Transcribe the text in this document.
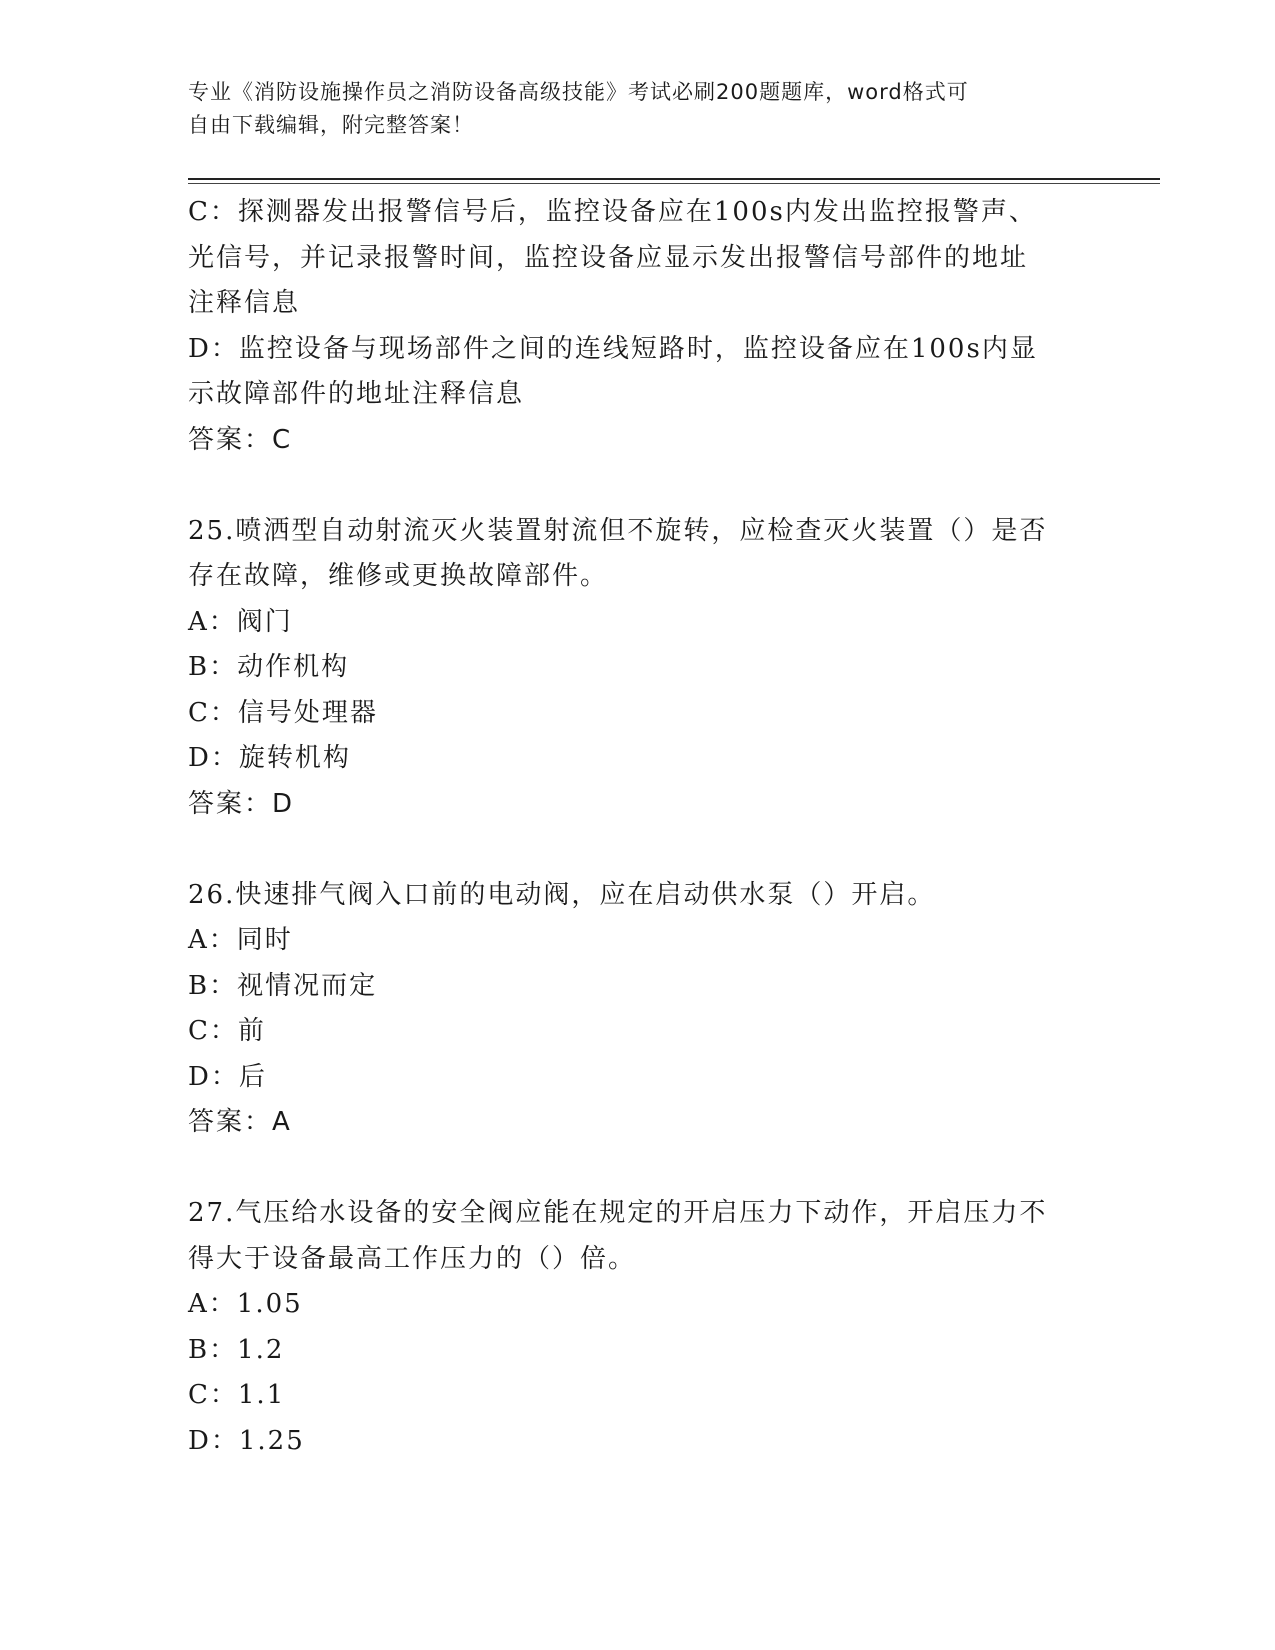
专业《消防设施操作员之消防设备高级技能》考试必刷200题题库，word格式可
自由下载编辑，附完整答案！
C：探测器发出报警信号后，监控设备应在100s内发出监控报警声、
光信号，并记录报警时间，监控设备应显示发出报警信号部件的地址
注释信息
D：监控设备与现场部件之间的连线短路时，监控设备应在100s内显
示故障部件的地址注释信息
答案：C
25.喷洒型自动射流灭火装置射流但不旋转，应检查灭火装置（）是否
存在故障，维修或更换故障部件。
A：阀门
B：动作机构
C：信号处理器
D：旋转机构
答案：D
26.快速排气阀入口前的电动阀，应在启动供水泵（）开启。
A：同时
B：视情况而定
C：前
D：后
答案：A
27.气压给水设备的安全阀应能在规定的开启压力下动作，开启压力不
得大于设备最高工作压力的（）倍。
A：1.05
B：1.2
C：1.1
D：1.25
